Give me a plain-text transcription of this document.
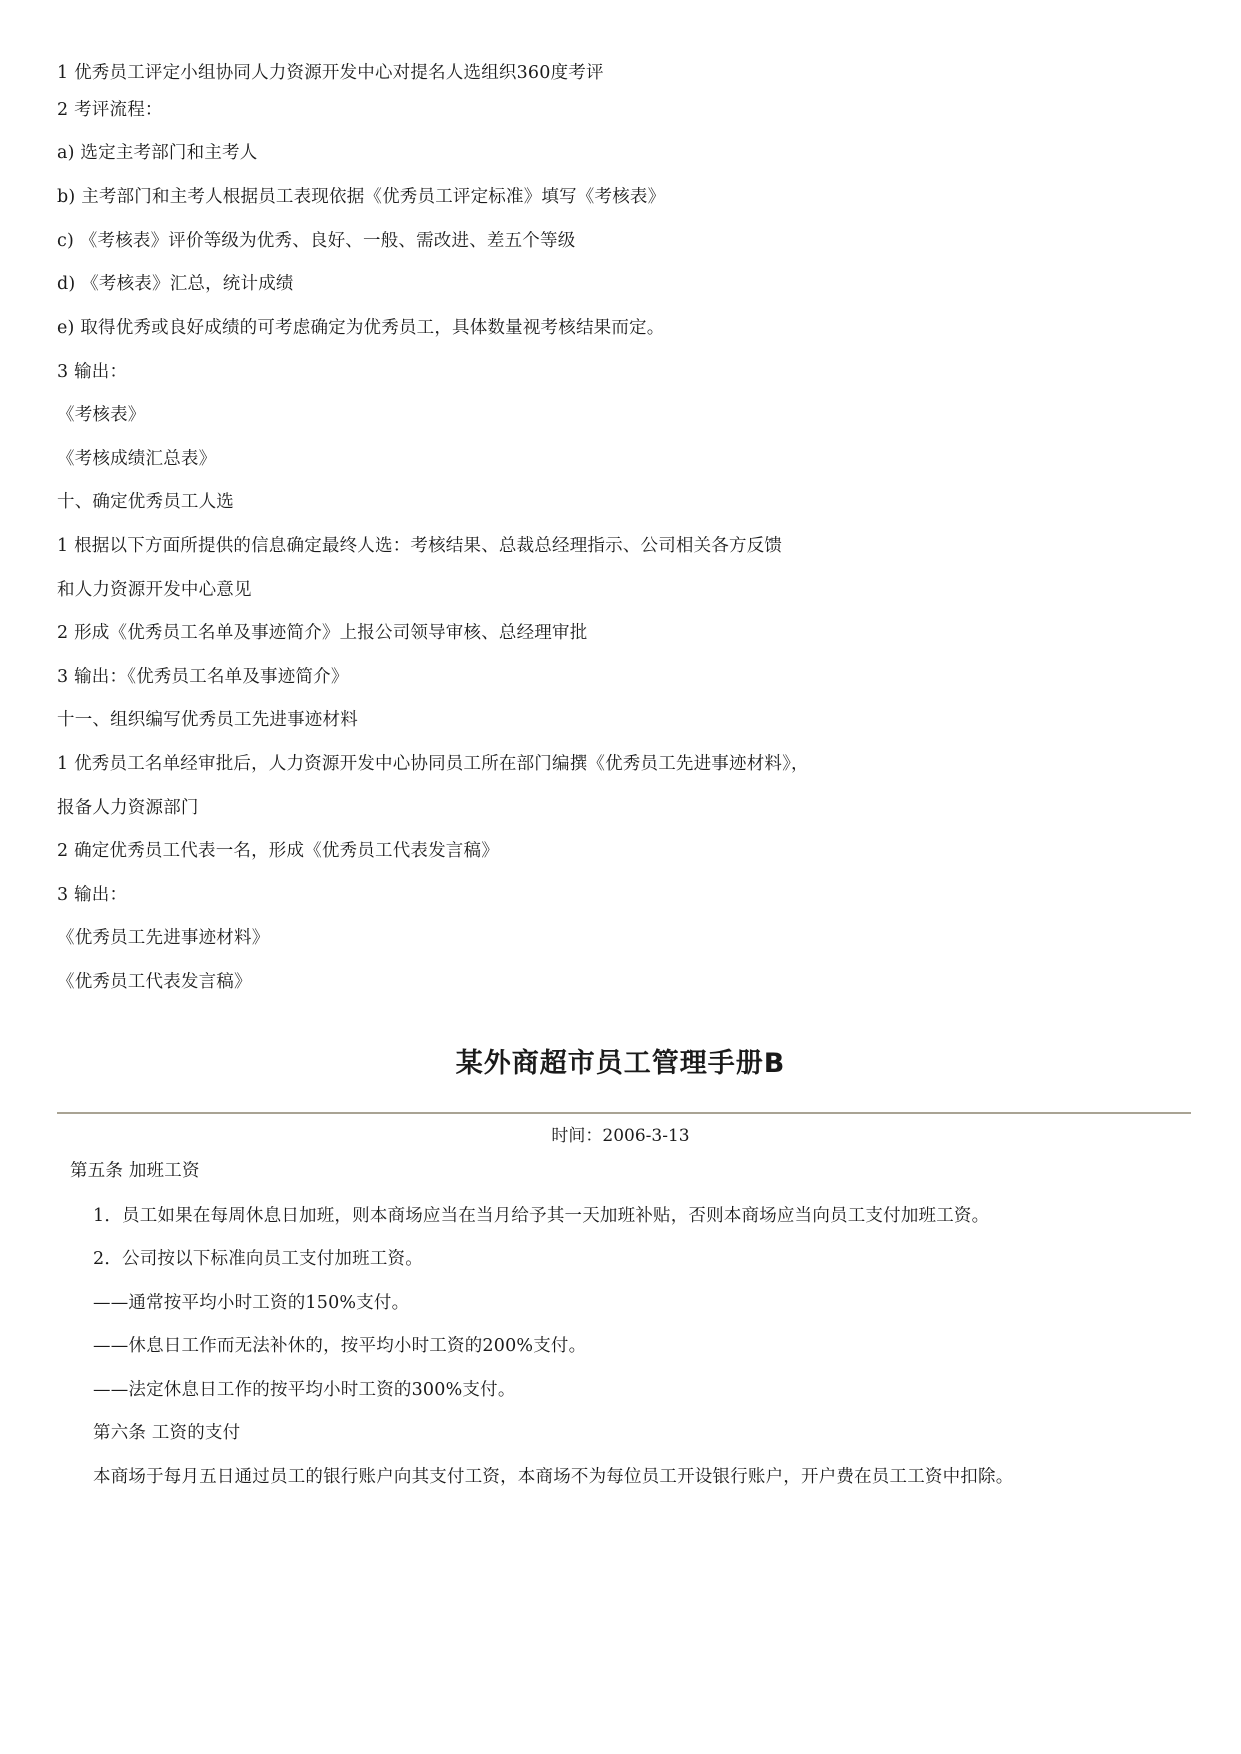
1 优秀员工评定小组协同人力资源开发中心对提名人选组织360度考评
2 考评流程：
a) 选定主考部门和主考人
b) 主考部门和主考人根据员工表现依据《优秀员工评定标准》填写《考核表》
c) 《考核表》评价等级为优秀、良好、一般、需改进、差五个等级
d) 《考核表》汇总，统计成绩
e) 取得优秀或良好成绩的可考虑确定为优秀员工，具体数量视考核结果而定。
3 输出：
《考核表》
《考核成绩汇总表》
十、确定优秀员工人选
1 根据以下方面所提供的信息确定最终人选：考核结果、总裁总经理指示、公司相关各方反馈
和人力资源开发中心意见
2 形成《优秀员工名单及事迹简介》上报公司领导审核、总经理审批
3 输出：《优秀员工名单及事迹简介》
十一、组织编写优秀员工先进事迹材料
1 优秀员工名单经审批后，人力资源开发中心协同员工所在部门编撰《优秀员工先进事迹材料》，
报备人力资源部门
2 确定优秀员工代表一名，形成《优秀员工代表发言稿》
3 输出：
《优秀员工先进事迹材料》
《优秀员工代表发言稿》
某外商超市员工管理手册B
时间：2006-3-13
第五条 加班工资
1．员工如果在每周休息日加班，则本商场应当在当月给予其一天加班补贴，否则本商场应当向员工支付加班工资。
2．公司按以下标准向员工支付加班工资。
——通常按平均小时工资的150%支付。
——休息日工作而无法补休的，按平均小时工资的200%支付。
——法定休息日工作的按平均小时工资的300%支付。
第六条 工资的支付
本商场于每月五日通过员工的银行账户向其支付工资，本商场不为每位员工开设银行账户，开户费在员工工资中扣除。
